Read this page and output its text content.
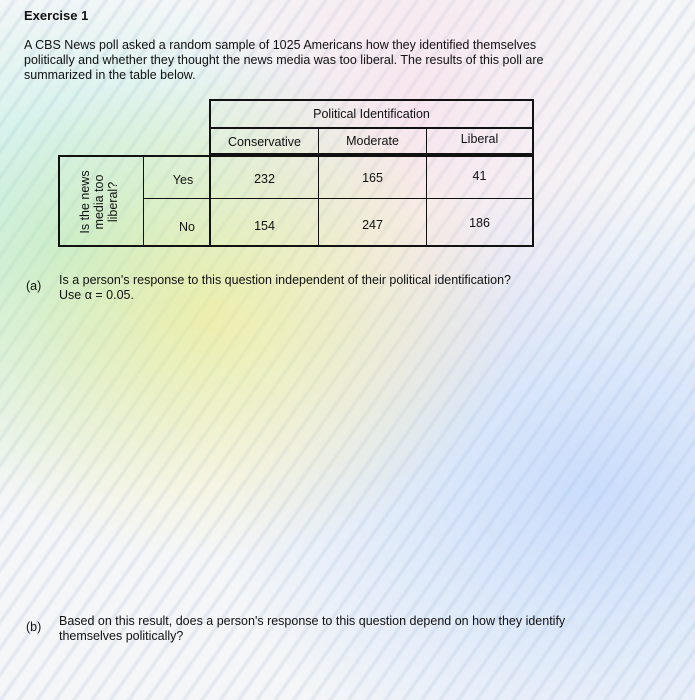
Exercise 1
A CBS News poll asked a random sample of 1025 Americans how they identified themselves
politically and whether they thought the news media was too liberal. The results of this poll are
summarized in the table below.
Political Identification
Conservative	Moderate	Liberal
Is the news media too liberal?
Yes	232	165	41
No	154	247	186
(a) Is a person's response to this question independent of their political identification?
Use α = 0.05.
(b) Based on this result, does a person's response to this question depend on how they identify
themselves politically?
